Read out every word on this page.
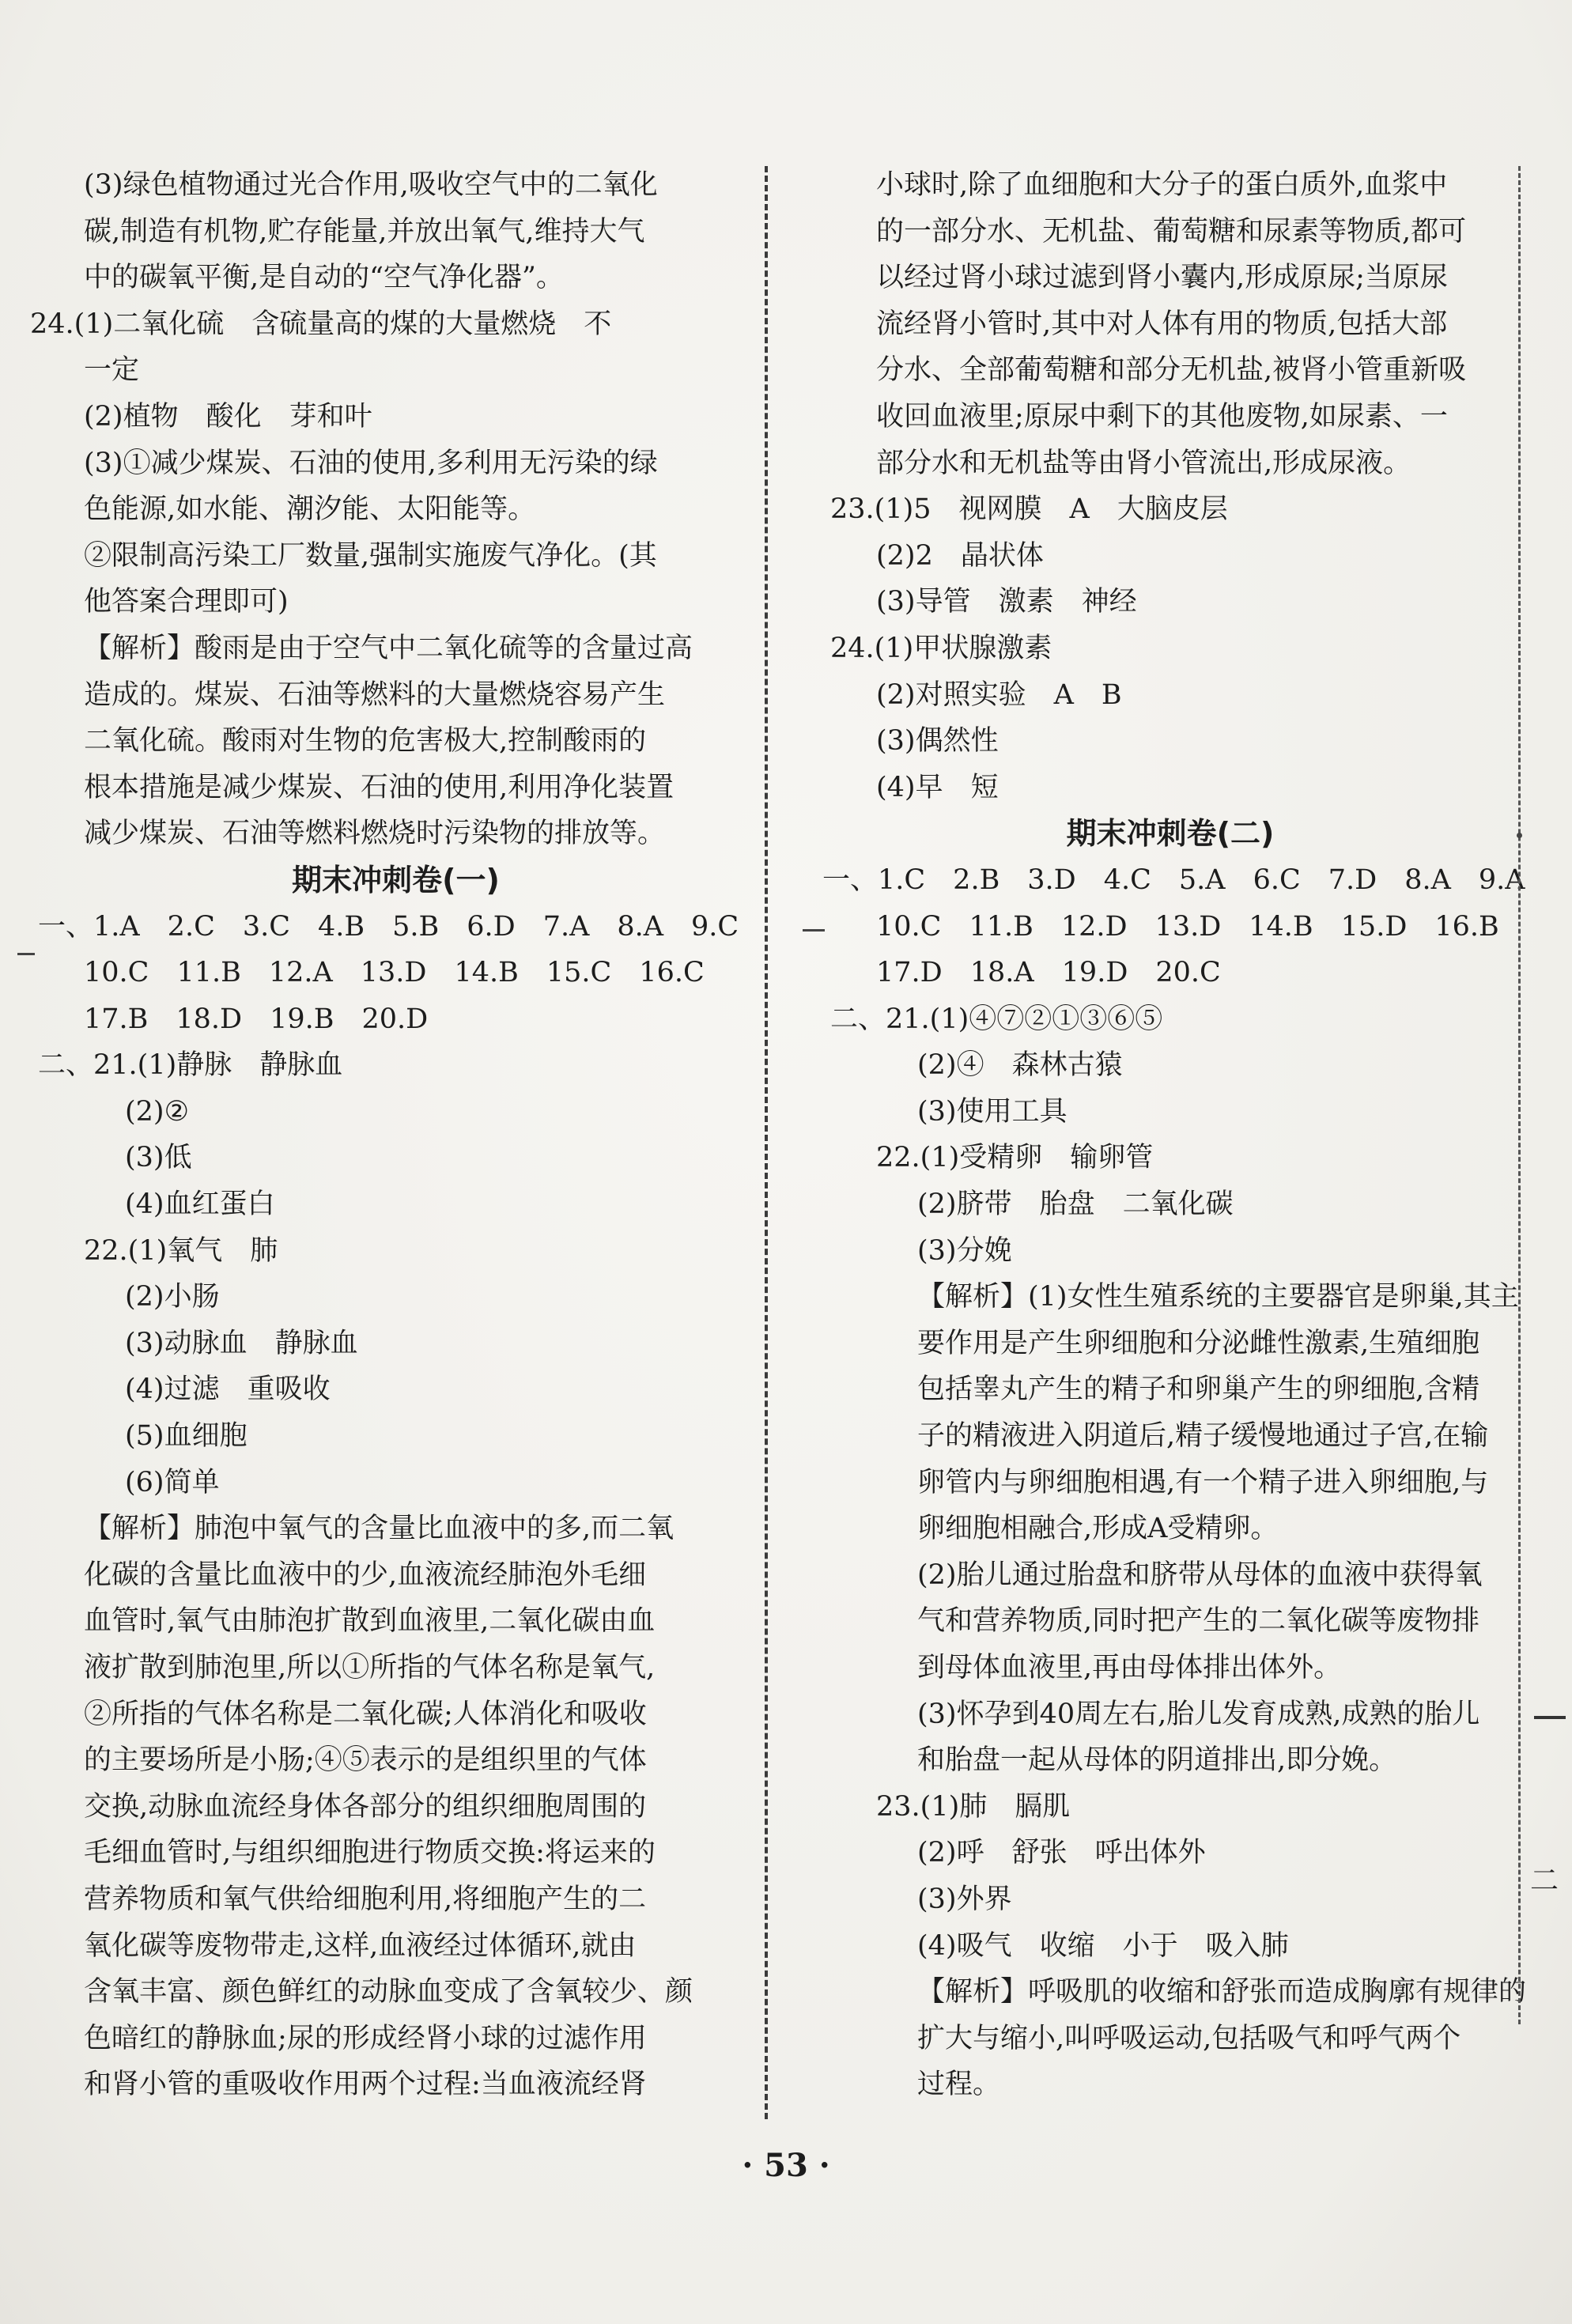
(3)绿色植物通过光合作用,吸收空气中的二氧化
碳,制造有机物,贮存能量,并放出氧气,维持大气
中的碳氧平衡,是自动的“空气净化器”。
24.(1)二氧化硫　含硫量高的煤的大量燃烧　不
一定
(2)植物　酸化　芽和叶
(3)①减少煤炭、石油的使用,多利用无污染的绿
色能源,如水能、潮汐能、太阳能等。
②限制高污染工厂数量,强制实施废气净化。(其
他答案合理即可)
【解析】酸雨是由于空气中二氧化硫等的含量过高
造成的。煤炭、石油等燃料的大量燃烧容易产生
二氧化硫。酸雨对生物的危害极大,控制酸雨的
根本措施是减少煤炭、石油的使用,利用净化装置
减少煤炭、石油等燃料燃烧时污染物的排放等。
期末冲刺卷(一)
一、1.A　2.C　3.C　4.B　5.B　6.D　7.A　8.A　9.C
10.C　11.B　12.A　13.D　14.B　15.C　16.C
17.B　18.D　19.B　20.D
二、21.(1)静脉　静脉血
(2)②
(3)低
(4)血红蛋白
22.(1)氧气　肺
(2)小肠
(3)动脉血　静脉血
(4)过滤　重吸收
(5)血细胞
(6)简单
【解析】肺泡中氧气的含量比血液中的多,而二氧
化碳的含量比血液中的少,血液流经肺泡外毛细
血管时,氧气由肺泡扩散到血液里,二氧化碳由血
液扩散到肺泡里,所以①所指的气体名称是氧气,
②所指的气体名称是二氧化碳;人体消化和吸收
的主要场所是小肠;④⑤表示的是组织里的气体
交换,动脉血流经身体各部分的组织细胞周围的
毛细血管时,与组织细胞进行物质交换:将运来的
营养物质和氧气供给细胞利用,将细胞产生的二
氧化碳等废物带走,这样,血液经过体循环,就由
含氧丰富、颜色鲜红的动脉血变成了含氧较少、颜
色暗红的静脉血;尿的形成经肾小球的过滤作用
和肾小管的重吸收作用两个过程:当血液流经肾
小球时,除了血细胞和大分子的蛋白质外,血浆中
的一部分水、无机盐、葡萄糖和尿素等物质,都可
以经过肾小球过滤到肾小囊内,形成原尿;当原尿
流经肾小管时,其中对人体有用的物质,包括大部
分水、全部葡萄糖和部分无机盐,被肾小管重新吸
收回血液里;原尿中剩下的其他废物,如尿素、一
部分水和无机盐等由肾小管流出,形成尿液。
23.(1)5　视网膜　A　大脑皮层
(2)2　晶状体
(3)导管　激素　神经
24.(1)甲状腺激素
(2)对照实验　A　B
(3)偶然性
(4)早　短
期末冲刺卷(二)
一、1.C　2.B　3.D　4.C　5.A　6.C　7.D　8.A　9.A
10.C　11.B　12.D　13.D　14.B　15.D　16.B
17.D　18.A　19.D　20.C
二、21.(1)④⑦②①③⑥⑤
(2)④　森林古猿
(3)使用工具
22.(1)受精卵　输卵管
(2)脐带　胎盘　二氧化碳
(3)分娩
【解析】(1)女性生殖系统的主要器官是卵巢,其主
要作用是产生卵细胞和分泌雌性激素,生殖细胞
包括睾丸产生的精子和卵巢产生的卵细胞,含精
子的精液进入阴道后,精子缓慢地通过子宫,在输
卵管内与卵细胞相遇,有一个精子进入卵细胞,与
卵细胞相融合,形成A受精卵。
(2)胎儿通过胎盘和脐带从母体的血液中获得氧
气和营养物质,同时把产生的二氧化碳等废物排
到母体血液里,再由母体排出体外。
(3)怀孕到40周左右,胎儿发育成熟,成熟的胎儿
和胎盘一起从母体的阴道排出,即分娩。
23.(1)肺　膈肌
(2)呼　舒张　呼出体外
(3)外界
(4)吸气　收缩　小于　吸入肺
【解析】呼吸肌的收缩和舒张而造成胸廓有规律的
扩大与缩小,叫呼吸运动,包括吸气和呼气两个
过程。
二
· 53 ·
